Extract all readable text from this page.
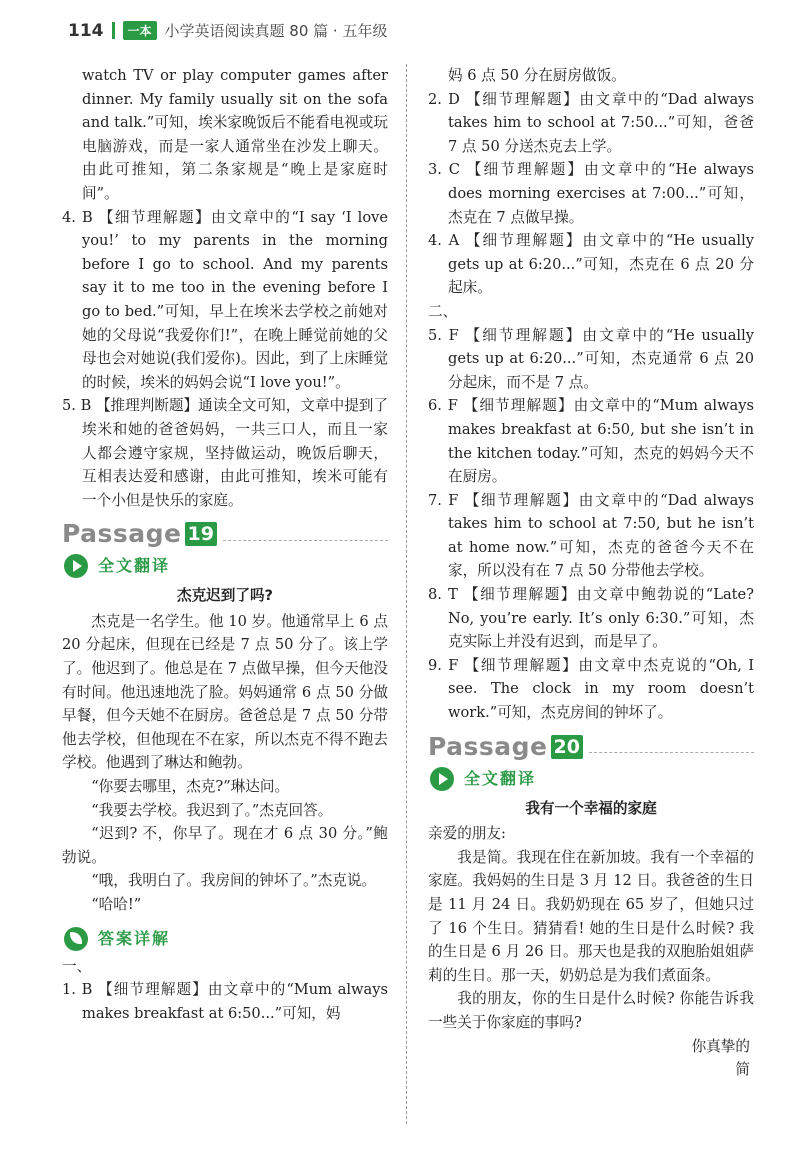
114	一本 小学英语阅读真题 80 篇 · 五年级

watch TV or play computer games after dinner. My family usually sit on the sofa and talk.”可知，埃米家晚饭后不能看电视或玩电脑游戏，而是一家人通常坐在沙发上聊天。由此可推知，第二条家规是“晚上是家庭时间”。

4. B 【细节理解题】由文章中的“I say ‘I love you!’ to my parents in the morning before I go to school. And my parents say it to me too in the evening before I go to bed.”可知，早上在埃米去学校之前她对她的父母说“我爱你们!”，在晚上睡觉前她的父母也会对她说(我们爱你)。因此，到了上床睡觉的时候，埃米的妈妈会说“I love you!”。

5. B 【推理判断题】通读全文可知，文章中提到了埃米和她的爸爸妈妈，一共三口人，而且一家人都会遵守家规，坚持做运动，晚饭后聊天，互相表达爱和感谢，由此可推知，埃米可能有一个小但是快乐的家庭。

Passage 19
全文翻译

杰克迟到了吗?

杰克是一名学生。他 10 岁。他通常早上 6 点 20 分起床，但现在已经是 7 点 50 分了。该上学了。他迟到了。他总是在 7 点做早操，但今天他没有时间。他迅速地洗了脸。妈妈通常 6 点 50 分做早餐，但今天她不在厨房。爸爸总是 7 点 50 分带他去学校，但他现在不在家，所以杰克不得不跑去学校。他遇到了琳达和鲍勃。

“你要去哪里，杰克?”琳达问。

“我要去学校。我迟到了。”杰克回答。

“迟到? 不，你早了。现在才 6 点 30 分。”鲍勃说。

“哦，我明白了。我房间的钟坏了。”杰克说。

“哈哈!”

答案详解

一、

1. B 【细节理解题】由文章中的“Mum always makes breakfast at 6:50...”可知，妈

妈 6 点 50 分在厨房做饭。

2. D 【细节理解题】由文章中的“Dad always takes him to school at 7:50...”可知，爸爸 7 点 50 分送杰克去上学。

3. C 【细节理解题】由文章中的“He always does morning exercises at 7:00...”可知，杰克在 7 点做早操。

4. A 【细节理解题】由文章中的“He usually gets up at 6:20...”可知，杰克在 6 点 20 分起床。

二、

5. F 【细节理解题】由文章中的“He usually gets up at 6:20...”可知，杰克通常 6 点 20 分起床，而不是 7 点。

6. F 【细节理解题】由文章中的“Mum always makes breakfast at 6:50, but she isn’t in the kitchen today.”可知，杰克的妈妈今天不在厨房。

7. F 【细节理解题】由文章中的“Dad always takes him to school at 7:50, but he isn’t at home now.”可知，杰克的爸爸今天不在家，所以没有在 7 点 50 分带他去学校。

8. T 【细节理解题】由文章中鲍勃说的“Late? No, you’re early. It’s only 6:30.”可知，杰克实际上并没有迟到，而是早了。

9. F 【细节理解题】由文章中杰克说的“Oh, I see. The clock in my room doesn’t work.”可知，杰克房间的钟坏了。

Passage 20
全文翻译

我有一个幸福的家庭

亲爱的朋友:

我是简。我现在住在新加坡。我有一个幸福的家庭。我妈妈的生日是 3 月 12 日。我爸爸的生日是 11 月 24 日。我奶奶现在 65 岁了，但她只过了 16 个生日。猜猜看! 她的生日是什么时候? 我的生日是 6 月 26 日。那天也是我的双胞胎姐姐萨莉的生日。那一天，奶奶总是为我们煮面条。

我的朋友，你的生日是什么时候? 你能告诉我一些关于你家庭的事吗?

你真挚的

简
